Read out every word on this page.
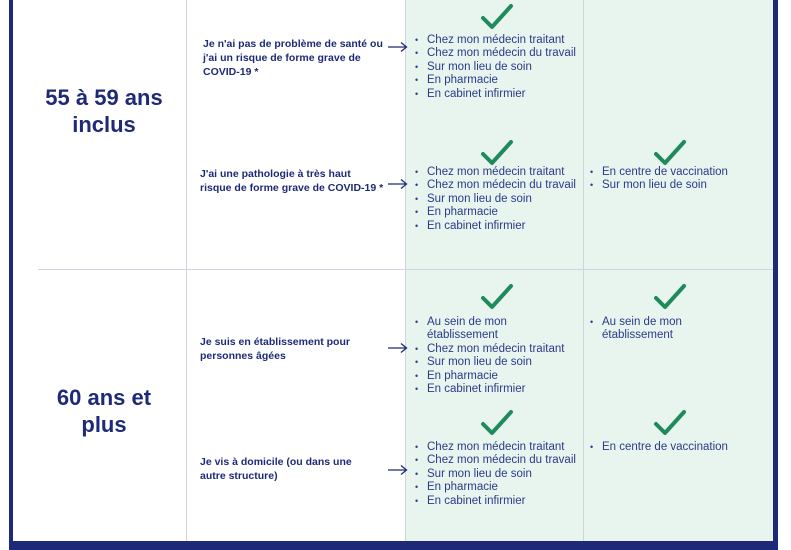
55 à 59 ans inclus
60 ans et plus
Je n'ai pas de problème de santé ou j'ai un risque de forme grave de COVID-19 *
J'ai une pathologie à très haut risque de forme grave de COVID-19 *
Je suis en établissement pour personnes âgées
Je vis à domicile (ou dans une autre structure)
• Chez mon médecin traitant
• Chez mon médecin du travail
• Sur mon lieu de soin
• En pharmacie
• En cabinet infirmier
• Chez mon médecin traitant
• Chez mon médecin du travail
• Sur mon lieu de soin
• En pharmacie
• En cabinet infirmier
• Au sein de mon établissement
• Chez mon médecin traitant
• Sur mon lieu de soin
• En pharmacie
• En cabinet infirmier
• Chez mon médecin traitant
• Chez mon médecin du travail
• Sur mon lieu de soin
• En pharmacie
• En cabinet infirmier
• En centre de vaccination
• Sur mon lieu de soin
• Au sein de mon établissement
• En centre de vaccination
